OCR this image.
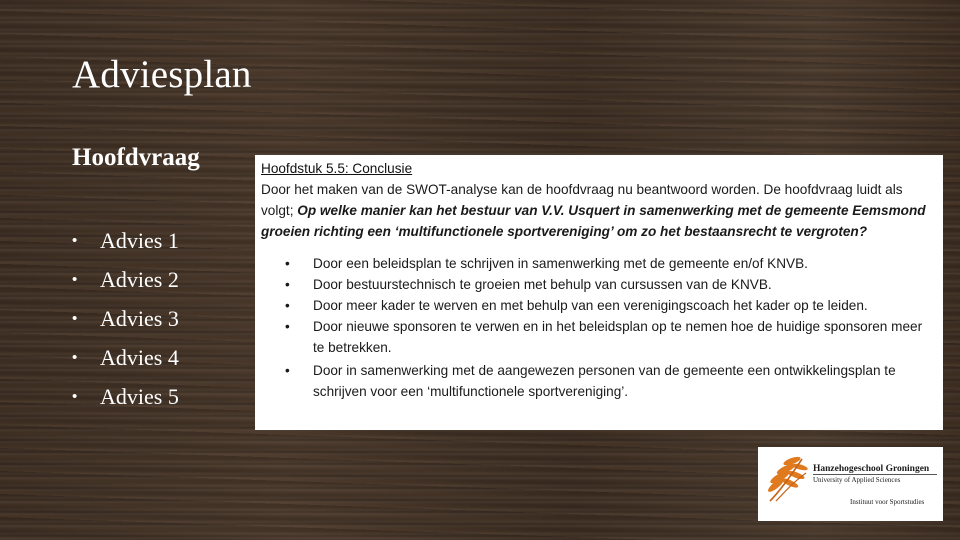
Adviesplan
Hoofdvraag
•	Advies 1
•	Advies 2
•	Advies 3
•	Advies 4
•	Advies 5

Hoofdstuk 5.5: Conclusie

Door het maken van de SWOT-analyse kan de hoofdvraag nu beantwoord worden. De hoofdvraag luidt als volgt; Op welke manier kan het bestuur van V.V. Usquert in samenwerking met de gemeente Eemsmond groeien richting een ‘multifunctionele sportvereniging’ om zo het bestaansrecht te vergroten?

•	Door een beleidsplan te schrijven in samenwerking met de gemeente en/of KNVB.
•	Door bestuurstechnisch te groeien met behulp van cursussen van de KNVB.
•	Door meer kader te werven en met behulp van een verenigingscoach het kader op te leiden.
•	Door nieuwe sponsoren te verwen en in het beleidsplan op te nemen hoe de huidige sponsoren meer te betrekken.
•	Door in samenwerking met de aangewezen personen van de gemeente een ontwikkelingsplan te schrijven voor een ‘multifunctionele sportvereniging’.
Hanzehogeschool Groningen
University of Applied Sciences
Instituut voor Sportstudies
